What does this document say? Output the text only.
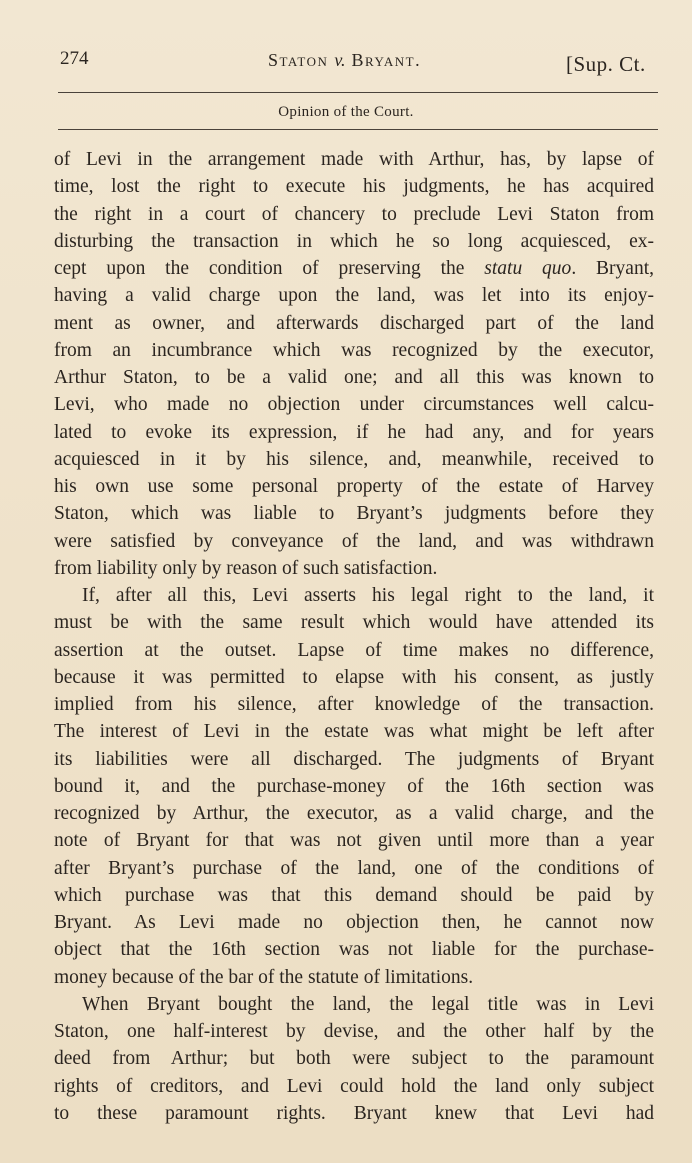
274	Staton v. Bryant.	[Sup. Ct.
Opinion of the Court.
of Levi in the arrangement made with Arthur, has, by lapse of
time, lost the right to execute his judgments, he has acquired
the right in a court of chancery to preclude Levi Staton from
disturbing the transaction in which he so long acquiesced, ex-
cept upon the condition of preserving the statu quo. Bryant,
having a valid charge upon the land, was let into its enjoy-
ment as owner, and afterwards discharged part of the land
from an incumbrance which was recognized by the executor,
Arthur Staton, to be a valid one; and all this was known to
Levi, who made no objection under circumstances well calcu-
lated to evoke its expression, if he had any, and for years
acquiesced in it by his silence, and, meanwhile, received to
his own use some personal property of the estate of Harvey
Staton, which was liable to Bryant’s judgments before they
were satisfied by conveyance of the land, and was withdrawn
from liability only by reason of such satisfaction.
If, after all this, Levi asserts his legal right to the land, it
must be with the same result which would have attended its
assertion at the outset. Lapse of time makes no difference,
because it was permitted to elapse with his consent, as justly
implied from his silence, after knowledge of the transaction.
The interest of Levi in the estate was what might be left after
its liabilities were all discharged. The judgments of Bryant
bound it, and the purchase-money of the 16th section was
recognized by Arthur, the executor, as a valid charge, and the
note of Bryant for that was not given until more than a year
after Bryant’s purchase of the land, one of the conditions of
which purchase was that this demand should be paid by
Bryant. As Levi made no objection then, he cannot now
object that the 16th section was not liable for the purchase-
money because of the bar of the statute of limitations.
When Bryant bought the land, the legal title was in Levi
Staton, one half-interest by devise, and the other half by the
deed from Arthur; but both were subject to the paramount
rights of creditors, and Levi could hold the land only subject
to these paramount rights. Bryant knew that Levi had
